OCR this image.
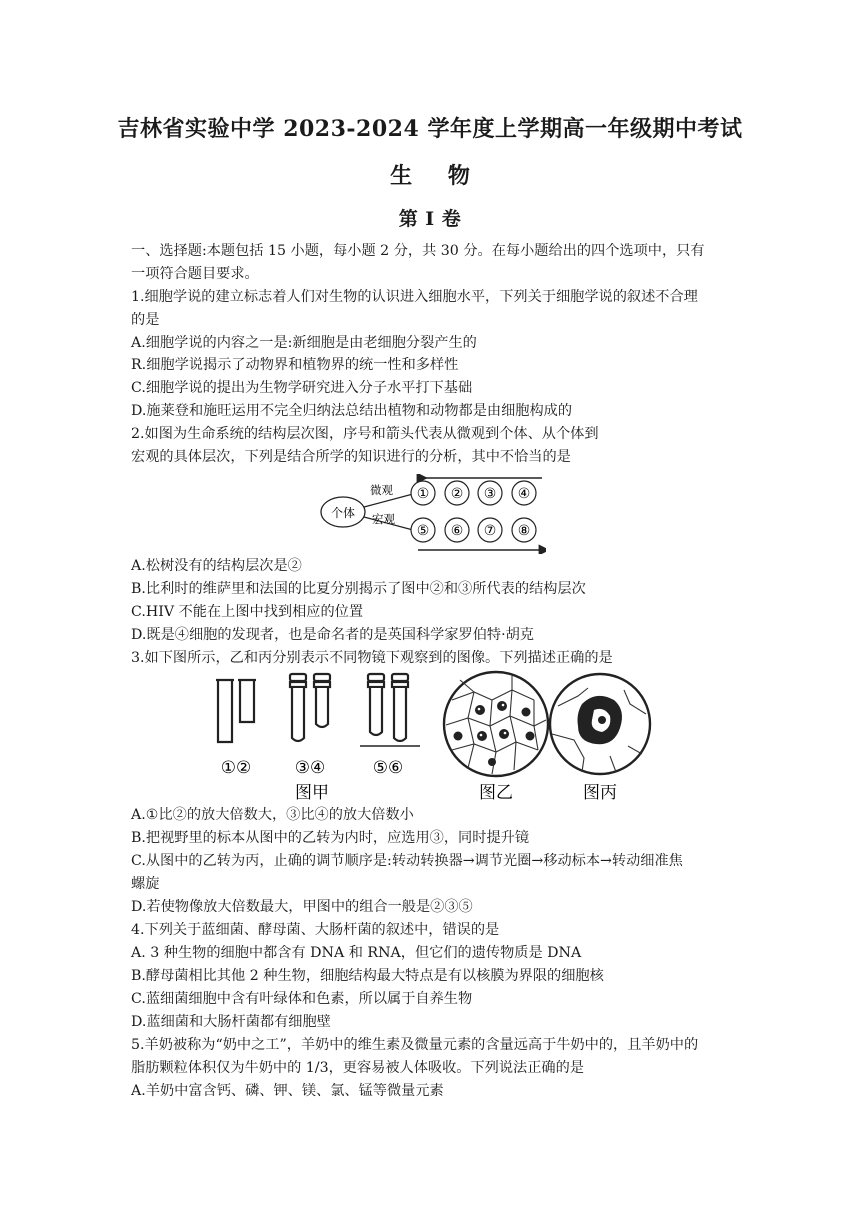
吉林省实验中学 2023-2024 学年度上学期高一年级期中考试
生 物
第 I 卷
一、选择题:本题包括 15 小题，每小题 2 分，共 30 分。在每小题给出的四个选项中，只有
一项符合题目要求。
1.细胞学说的建立标志着人们对生物的认识进入细胞水平，下列关于细胞学说的叙述不合理
的是
A.细胞学说的内容之一是:新细胞是由老细胞分裂产生的
R.细胞学说揭示了动物界和植物界的统一性和多样性
C.细胞学说的提出为生物学研究进入分子水平打下基础
D.施莱登和施旺运用不完全归纳法总结出植物和动物都是由细胞构成的
2.如图为生命系统的结构层次图，序号和箭头代表从微观到个体、从个体到
宏观的具体层次，下列是结合所学的知识进行的分析，其中不恰当的是
个体
微观
宏观
① ② ③ ④
⑤ ⑥ ⑦ ⑧
A.松树没有的结构层次是②
B.比利时的维萨里和法国的比夏分别揭示了图中②和③所代表的结构层次
C.HIV 不能在上图中找到相应的位置
D.既是④细胞的发现者，也是命名者的是英国科学家罗伯特·胡克
3.如下图所示，乙和丙分别表示不同物镜下观察到的图像。下列描述正确的是
①②	③④	⑤⑥
图甲	图乙	图丙
A.①比②的放大倍数大，③比④的放大倍数小
B.把视野里的标本从图中的乙转为内时，应选用③，同时提升镜
C.从图中的乙转为丙，止确的调节顺序是:转动转换器→调节光圈→移动标本→转动细准焦
螺旋
D.若使物像放大倍数最大，甲图中的组合一般是②③⑤
4.下列关于蓝细菌、酵母菌、大肠杆菌的叙述中，错误的是
A. 3 种生物的细胞中都含有 DNA 和 RNA，但它们的遗传物质是 DNA
B.酵母菌相比其他 2 种生物，细胞结构最大特点是有以核膜为界限的细胞核
C.蓝细菌细胞中含有叶绿体和色素，所以属于自养生物
D.蓝细菌和大肠杆菌都有细胞壁
5.羊奶被称为“奶中之工”，羊奶中的维生素及微量元素的含量远高于牛奶中的，且羊奶中的
脂肪颗粒体积仅为牛奶中的 1/3，更容易被人体吸收。下列说法正确的是
A.羊奶中富含钙、磷、钾、镁、氯、锰等微量元素
